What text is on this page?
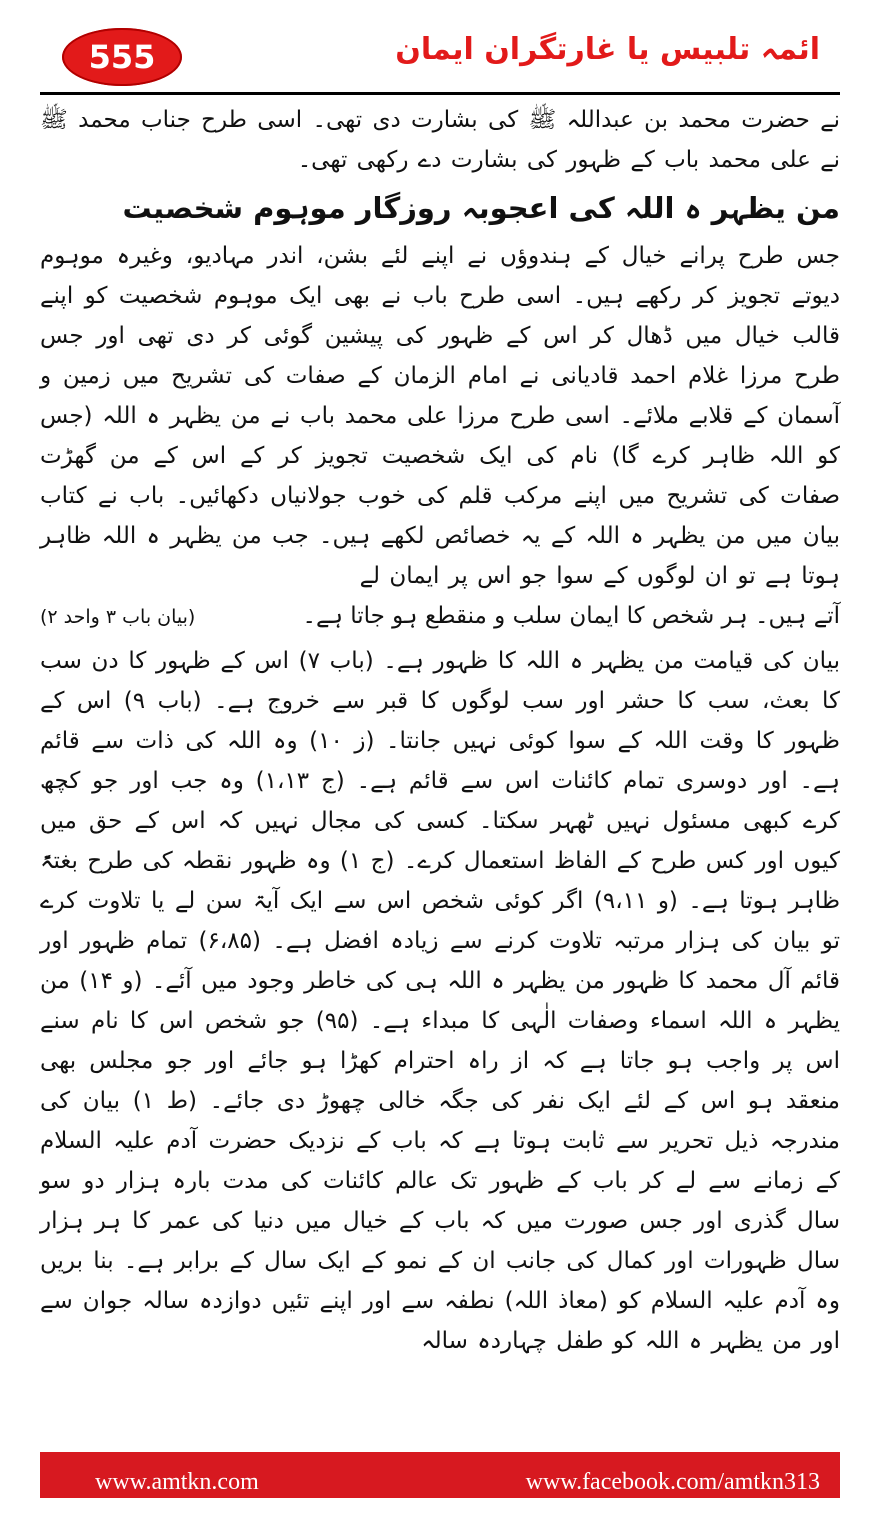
555	ائمہ تلبیس یا غارتگران ایمان

نے حضرت محمد بن عبداللہ ﷺ کی بشارت دی تھی۔ اسی طرح جناب محمد ﷺ نے علی محمد باب کے ظہور کی بشارت دے رکھی تھی۔

من یظہر ہ اللہ کی اعجوبہ روزگار موہوم شخصیت

جس طرح پرانے خیال کے ہندوؤں نے اپنے لئے بشن، اندر مہادیو، وغیرہ موہوم دیوتے تجویز کر رکھے ہیں۔ اسی طرح باب نے بھی ایک موہوم شخصیت کو اپنے قالب خیال میں ڈھال کر اس کے ظہور کی پیشین گوئی کر دی تھی اور جس طرح مرزا غلام احمد قادیانی نے امام الزمان کے صفات کی تشریح میں زمین و آسمان کے قلابے ملائے۔ اسی طرح مرزا علی محمد باب نے من یظہر ہ اللہ (جس کو اللہ ظاہر کرے گا) نام کی ایک شخصیت تجویز کر کے اس کے من گھڑت صفات کی تشریح میں اپنے مرکب قلم کی خوب جولانیاں دکھائیں۔ باب نے کتاب بیان میں من یظہر ہ اللہ کے یہ خصائص لکھے ہیں۔ جب من یظہر ہ اللہ ظاہر ہوتا ہے تو ان لوگوں کے سوا جو اس پر ایمان لے

آتے ہیں۔ ہر شخص کا ایمان سلب و منقطع ہو جاتا ہے۔
(بیان باب ۳ واحد ۲)

بیان کی قیامت من یظہر ہ اللہ کا ظہور ہے۔ (باب ۷) اس کے ظہور کا دن سب کا بعث، سب کا حشر اور سب لوگوں کا قبر سے خروج ہے۔ (باب ۹) اس کے ظہور کا وقت اللہ کے سوا کوئی نہیں جانتا۔ (ز ۱۰) وہ اللہ کی ذات سے قائم ہے۔ اور دوسری تمام کائنات اس سے قائم ہے۔ (ج ۱،۱۳) وہ جب اور جو کچھ کرے کبھی مسئول نہیں ٹھہر سکتا۔ کسی کی مجال نہیں کہ اس کے حق میں کیوں اور کس طرح کے الفاظ استعمال کرے۔ (ج ۱) وہ ظہور نقطہ کی طرح بغتۃً ظاہر ہوتا ہے۔ (و ۹،۱۱) اگر کوئی شخص اس سے ایک آیۃ سن لے یا تلاوت کرے تو بیان کی ہزار مرتبہ تلاوت کرنے سے زیادہ افضل ہے۔ (۶،۸۵) تمام ظہور اور قائم آل محمد کا ظہور من یظہر ہ اللہ ہی کی خاطر وجود میں آئے۔ (و ۱۴) من یظہر ہ اللہ اسماء وصفات الٰہی کا مبداء ہے۔ (۹۵) جو شخص اس کا نام سنے اس پر واجب ہو جاتا ہے کہ از راہ احترام کھڑا ہو جائے اور جو مجلس بھی منعقد ہو اس کے لئے ایک نفر کی جگہ خالی چھوڑ دی جائے۔ (ط ۱) بیان کی مندرجہ ذیل تحریر سے ثابت ہوتا ہے کہ باب کے نزدیک حضرت آدم علیہ السلام کے زمانے سے لے کر باب کے ظہور تک عالم کائنات کی مدت بارہ ہزار دو سو سال گذری اور جس صورت میں کہ باب کے خیال میں دنیا کی عمر کا ہر ہزار سال ظہورات اور کمال کی جانب ان کے نمو کے ایک سال کے برابر ہے۔ بنا بریں وہ آدم علیہ السلام کو (معاذ اللہ) نطفہ سے اور اپنے تئیں دوازدہ سالہ جوان سے اور من یظہر ہ اللہ کو طفل چہاردہ سالہ

www.amtkn.com	www.facebook.com/amtkn313
